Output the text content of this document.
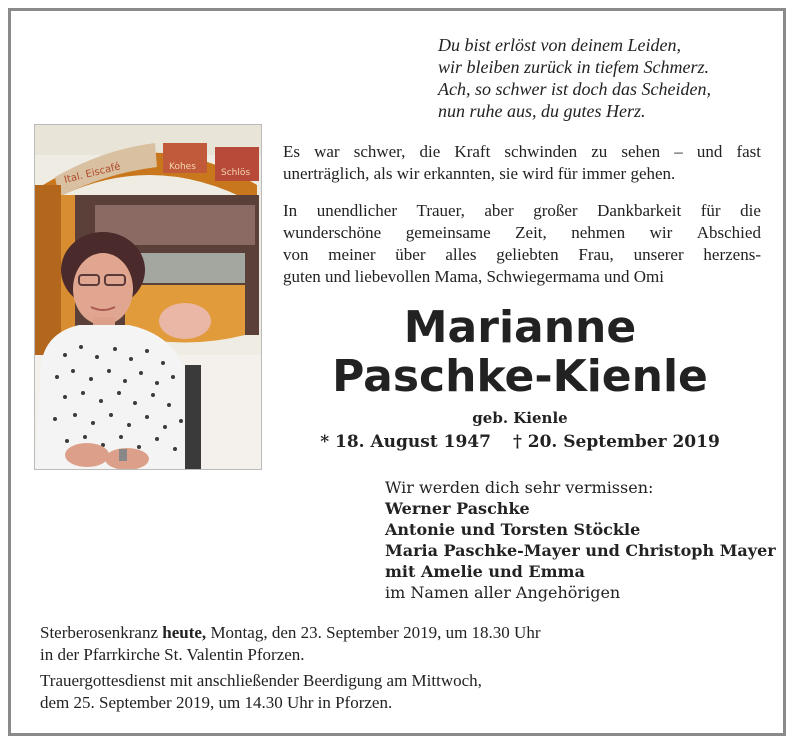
Du bist erlöst von deinem Leiden,
wir bleiben zurück in tiefem Schmerz.
Ach, so schwer ist doch das Scheiden,
nun ruhe aus, du gutes Herz.
Ital. Eiscafé	Kohes
Schlös
Es war schwer, die Kraft schwinden zu sehen – und fast
unerträglich, als wir erkannten, sie wird für immer gehen.
In unendlicher Trauer, aber großer Dankbarkeit für die
wunderschöne gemeinsame Zeit, nehmen wir Abschied
von meiner über alles geliebten Frau, unserer herzens-
guten und liebevollen Mama, Schwiegermama und Omi
Marianne
Paschke-Kienle
geb. Kienle
* 18. August 1947 † 20. September 2019
Wir werden dich sehr vermissen:
Werner Paschke
Antonie und Torsten Stöckle
Maria Paschke-Mayer und Christoph Mayer
mit Amelie und Emma
im Namen aller Angehörigen
Sterberosenkranz heute, Montag, den 23. September 2019, um 18.30 Uhr
in der Pfarrkirche St. Valentin Pforzen.
Trauergottesdienst mit anschließender Beerdigung am Mittwoch,
dem 25. September 2019, um 14.30 Uhr in Pforzen.
